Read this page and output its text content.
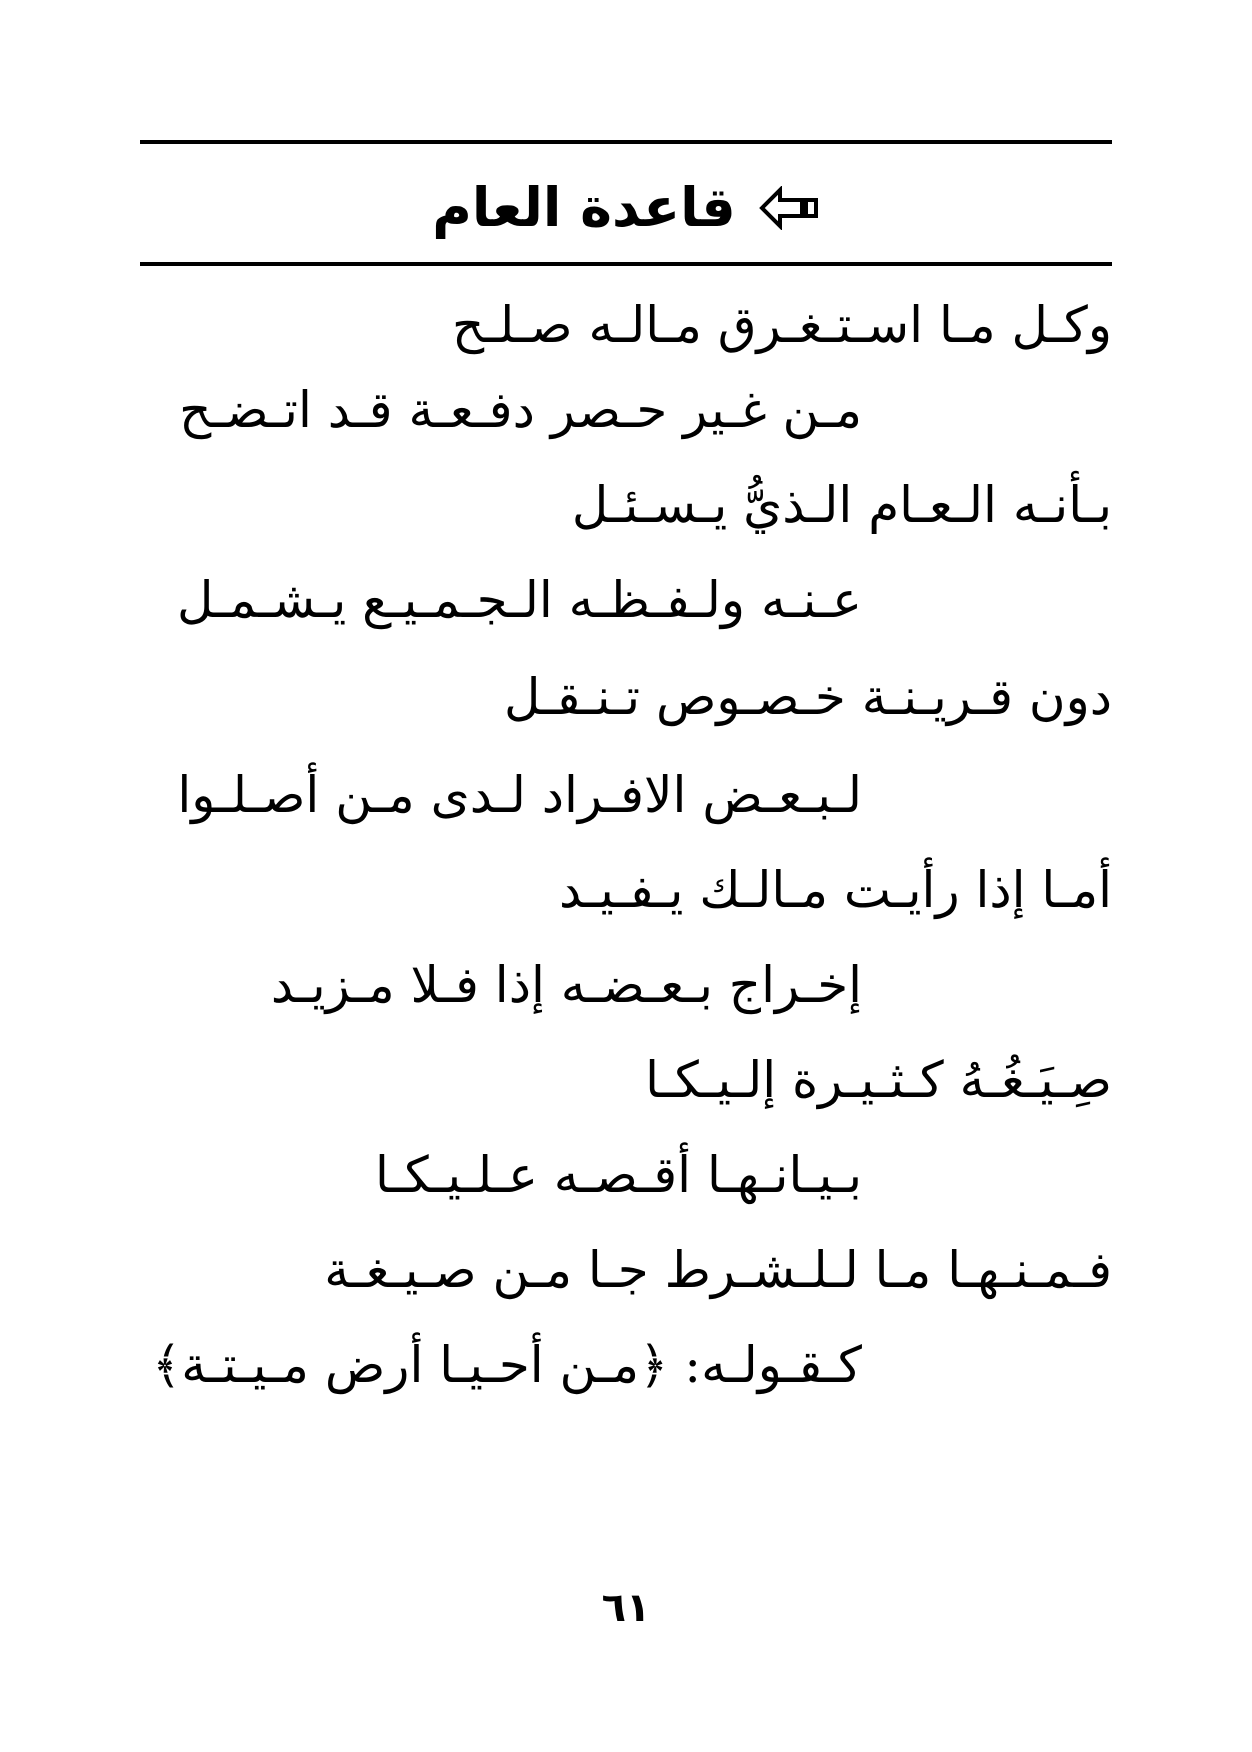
قاعدة العام
وكـل مـا اسـتـغـرق مـالـه صـلـح
مـن غـير حـصر دفـعـة قـد اتـضـح
بـأنـه الـعـام الـذيُّ يـسـئـل
عـنـه ولـفـظـه الـجـمـيـع يـشـمـل
دون قـريـنـة خـصـوص تـنـقـل
لـبـعـض الافـراد لـدى مـن أصـلـوا
أمـا إذا رأيـت مـالـك يـفـيـد
إخـراج بـعـضـه إذا فـلا مـزيـد
صِـيَـغُـهُ كـثـيـرة إلـيـكـا
بـيـانـهـا أقـصـه عـلـيـكـا
فـمـنـهـا مـا لـلـشـرط جـا مـن صـيـغـة
كـقـولـه: ﴿مـن أحـيـا أرض مـيـتـة﴾
٦١
